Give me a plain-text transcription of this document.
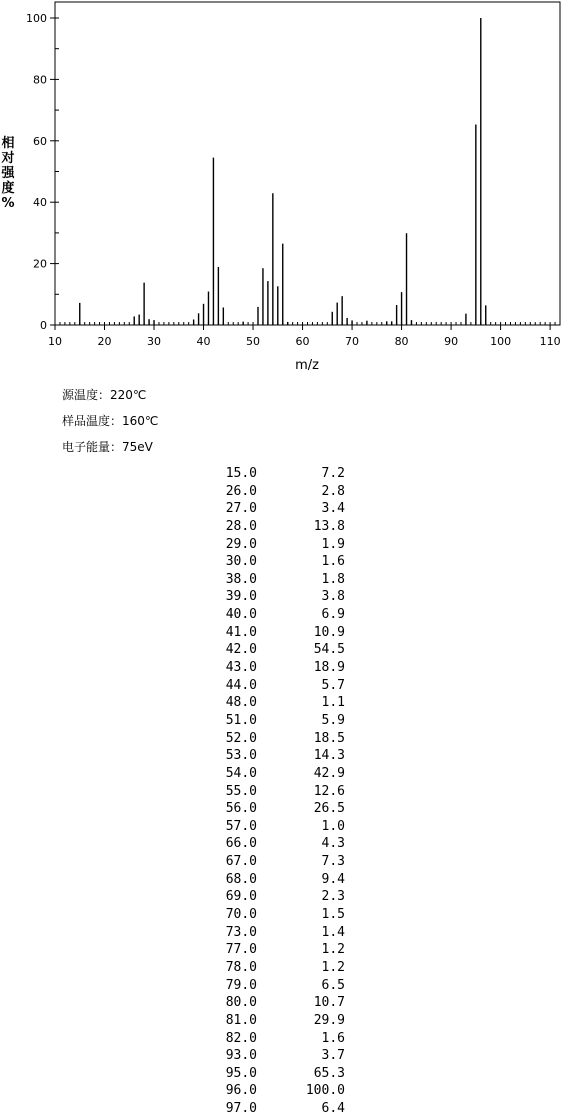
0
20
40
60
80
100
10	20	30	40	50	60	70	80	90	100	110
m/z
相
对
强
度
%
源温度：220℃
样品温度：160℃
电子能量：75eV
15.0	7.2
26.0	2.8
27.0	3.4
28.0	13.8
29.0	1.9
30.0	1.6
38.0	1.8
39.0	3.8
40.0	6.9
41.0	10.9
42.0	54.5
43.0	18.9
44.0	5.7
48.0	1.1
51.0	5.9
52.0	18.5
53.0	14.3
54.0	42.9
55.0	12.6
56.0	26.5
57.0	1.0
66.0	4.3
67.0	7.3
68.0	9.4
69.0	2.3
70.0	1.5
73.0	1.4
77.0	1.2
78.0	1.2
79.0	6.5
80.0	10.7
81.0	29.9
82.0	1.6
93.0	3.7
95.0	65.3
96.0	100.0
97.0	6.4
